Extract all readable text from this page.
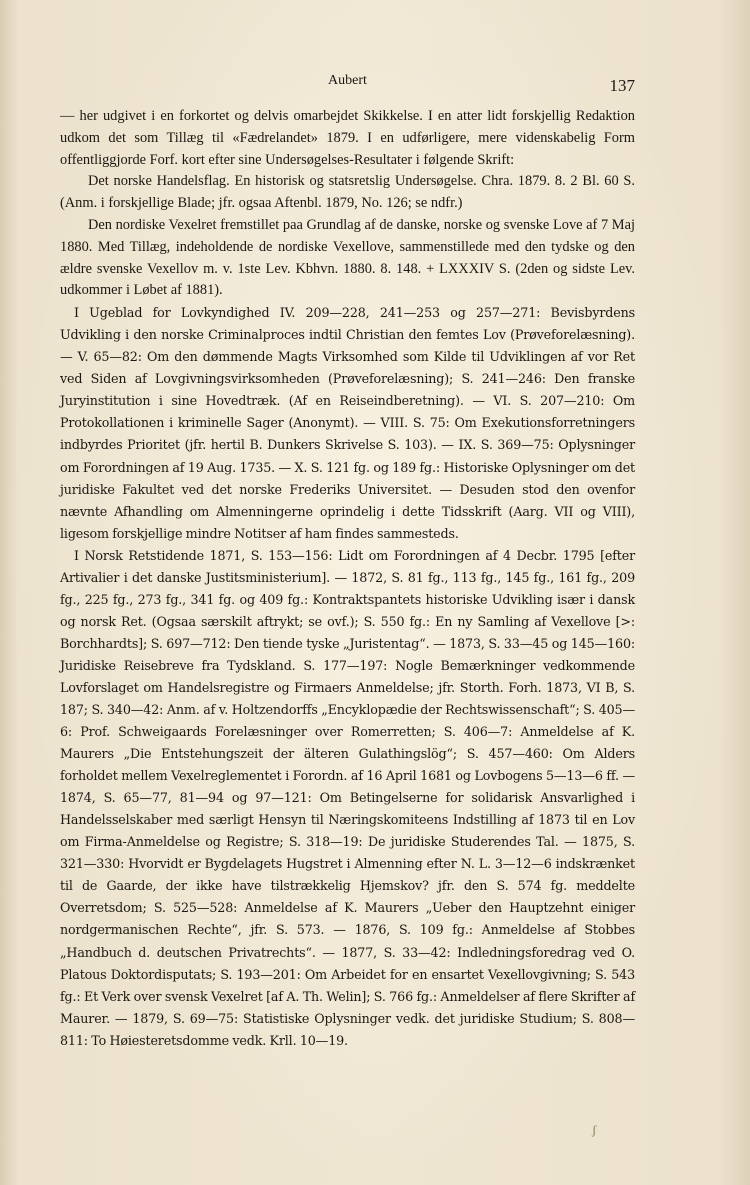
Aubert	137

— her udgivet i en forkortet og delvis omarbejdet Skikkelse. I en atter lidt forskjellig Redaktion udkom det som Tillæg til «Fædrelandet» 1879. I en udførligere, mere videnskabelig Form offentliggjorde Forf. kort efter sine Undersøgelses-Resultater i følgende Skrift:

Det norske Handelsflag. En historisk og statsretslig Undersøgelse. Chra. 1879. 8. 2 Bl. 60 S. (Anm. i forskjellige Blade; jfr. ogsaa Aftenbl. 1879, No. 126; se ndfr.)

Den nordiske Vexelret fremstillet paa Grundlag af de danske, norske og svenske Love af 7 Maj 1880. Med Tillæg, indeholdende de nordiske Vexellove, sammenstillede med den tydske og den ældre svenske Vexellov m. v. 1ste Lev. Kbhvn. 1880. 8. 148. + LXXXIV S. (2den og sidste Lev. udkommer i Løbet af 1881).

I Ugeblad for Lovkyndighed IV. 209—228, 241—253 og 257—271: Bevisbyrdens Udvikling i den norske Criminalproces indtil Christian den femtes Lov (Prøveforelæsning). — V. 65—82: Om den dømmende Magts Virksomhed som Kilde til Udviklingen af vor Ret ved Siden af Lovgivningsvirksomheden (Prøveforelæsning); S. 241—246: Den franske Juryinstitution i sine Hovedtræk. (Af en Reiseindberetning). — VI. S. 207—210: Om Protokollationen i kriminelle Sager (Anonymt). — VIII. S. 75: Om Exekutionsforretningers indbyrdes Prioritet (jfr. hertil B. Dunkers Skrivelse S. 103). — IX. S. 369—75: Oplysninger om Forordningen af 19 Aug. 1735. — X. S. 121 fg. og 189 fg.: Historiske Oplysninger om det juridiske Fakultet ved det norske Frederiks Universitet. — Desuden stod den ovenfor nævnte Afhandling om Almenningerne oprindelig i dette Tidsskrift (Aarg. VII og VIII), ligesom forskjellige mindre Notitser af ham findes sammesteds.

I Norsk Retstidende 1871, S. 153—156: Lidt om Forordningen af 4 Decbr. 1795 [efter Artivalier i det danske Justitsministerium]. — 1872, S. 81 fg., 113 fg., 145 fg., 161 fg., 209 fg., 225 fg., 273 fg., 341 fg. og 409 fg.: Kontraktspantets historiske Udvikling især i dansk og norsk Ret. (Ogsaa særskilt aftrykt; se ovf.); S. 550 fg.: En ny Samling af Vexellove [>: Borchhardts]; S. 697—712: Den tiende tyske „Juristentag“. — 1873, S. 33—45 og 145—160: Juridiske Reisebreve fra Tydskland. S. 177—197: Nogle Bemærkninger vedkommende Lovforslaget om Handelsregistre og Firmaers Anmeldelse; jfr. Storth. Forh. 1873, VI B, S. 187; S. 340—42: Anm. af v. Holtzendorffs „Encyklopædie der Rechtswissenschaft“; S. 405—6: Prof. Schweigaards Forelæsninger over Romerretten; S. 406—7: Anmeldelse af K. Maurers „Die Entstehungszeit der älteren Gulathingslög“; S. 457—460: Om Alders forholdet mellem Vexelreglementet i Forordn. af 16 April 1681 og Lovbogens 5—13—6 ff. — 1874, S. 65—77, 81—94 og 97—121: Om Betingelserne for solidarisk Ansvarlighed i Handelsselskaber med særligt Hensyn til Næringskomiteens Indstilling af 1873 til en Lov om Firma-Anmeldelse og Registre; S. 318—19: De juridiske Studerendes Tal. — 1875, S. 321—330: Hvorvidt er Bygdelagets Hugstret i Almenning efter N. L. 3—12—6 indskrænket til de Gaarde, der ikke have tilstrækkelig Hjemskov? jfr. den S. 574 fg. meddelte Overretsdom; S. 525—528: Anmeldelse af K. Maurers „Ueber den Hauptzehnt einiger nordgermanischen Rechte“, jfr. S. 573. — 1876, S. 109 fg.: Anmeldelse af Stobbes „Handbuch d. deutschen Privatrechts“. — 1877, S. 33—42: Indledningsforedrag ved O. Platous Doktordisputats; S. 193—201: Om Arbeidet for en ensartet Vexellovgivning; S. 543 fg.: Et Verk over svensk Vexelret [af A. Th. Welin]; S. 766 fg.: Anmeldelser af flere Skrifter af Maurer. — 1879, S. 69—75: Statistiske Oplysninger vedk. det juridiske Studium; S. 808—811: To Høiesteretsdomme vedk. Krll. 10—19.

ʃ
